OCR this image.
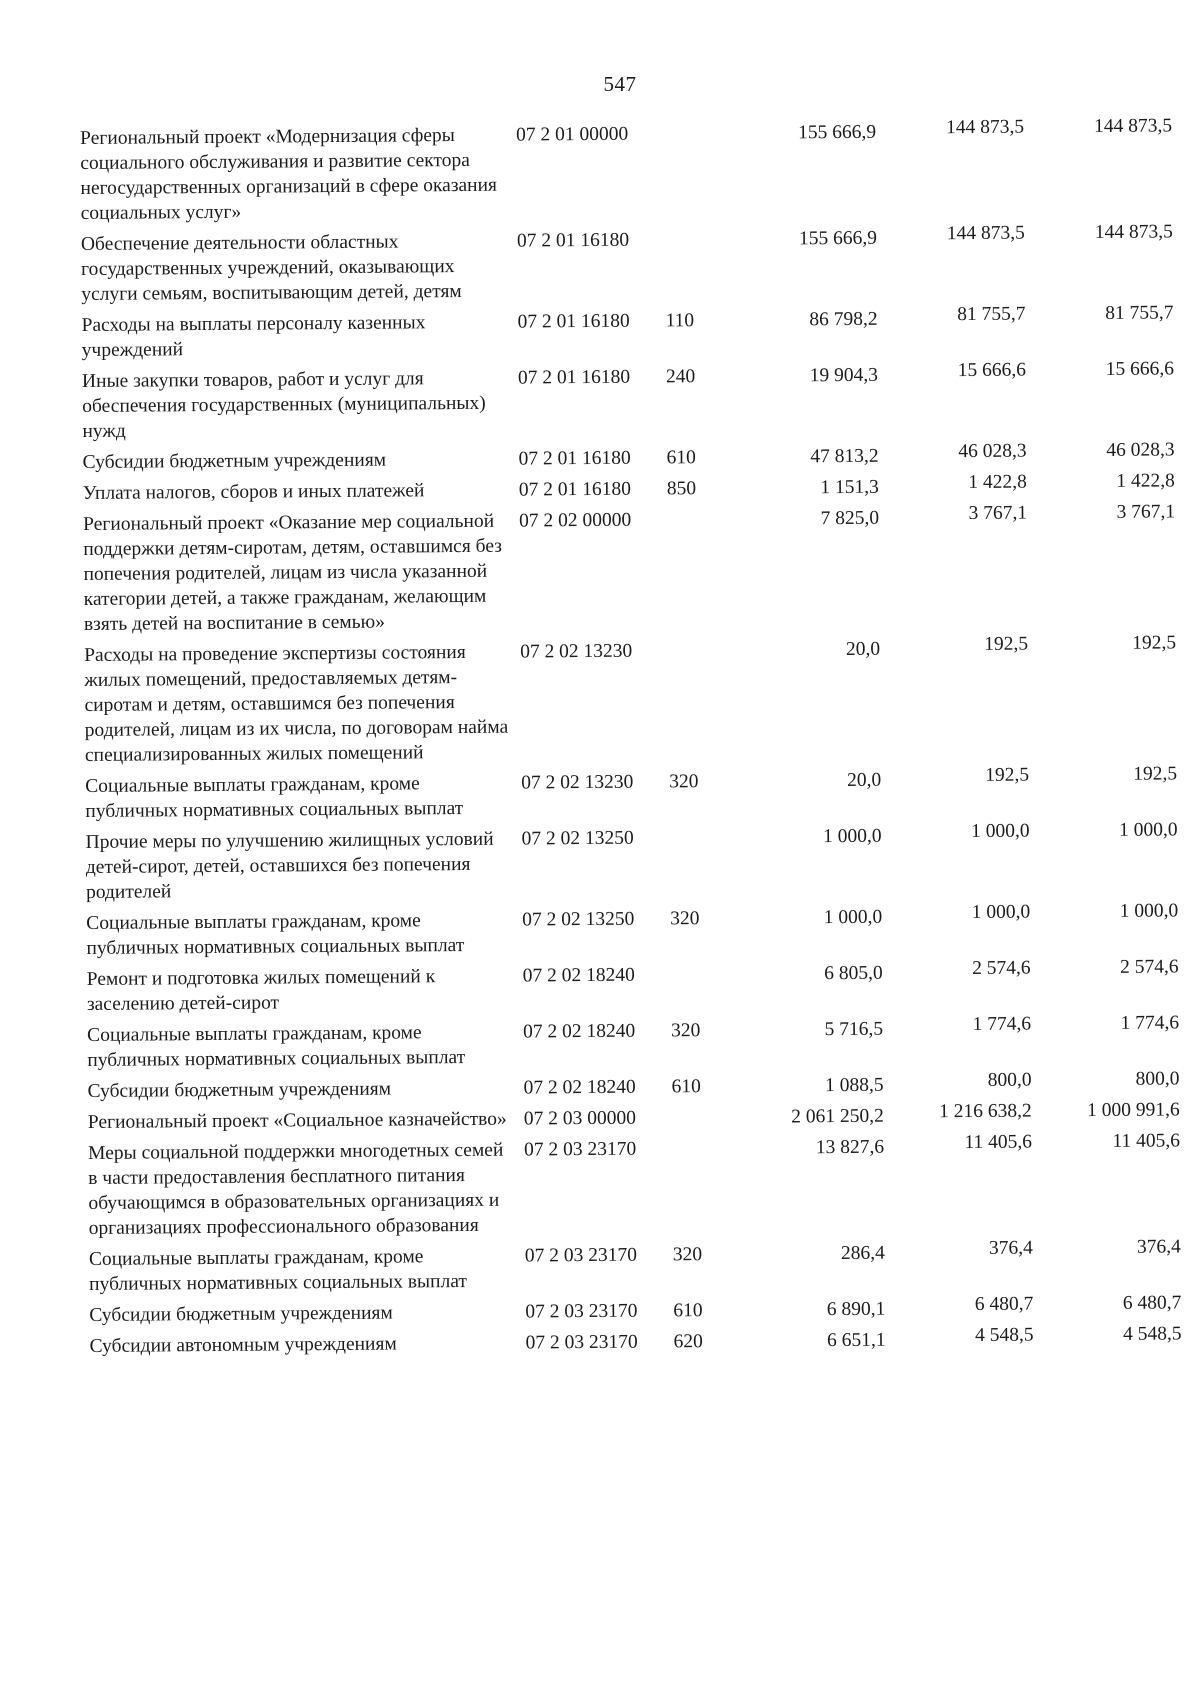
547
Региональный проект «Модернизация сферы социального обслуживания и развитие сектора негосударственных организаций в сфере оказания социальных услуг»	07 2 01 00000		155 666,9	144 873,5	144 873,5
Обеспечение деятельности областных государственных учреждений, оказывающих услуги семьям, воспитывающим детей, детям	07 2 01 16180		155 666,9	144 873,5	144 873,5
Расходы на выплаты персоналу казенных учреждений	07 2 01 16180	110	86 798,2	81 755,7	81 755,7
Иные закупки товаров, работ и услуг для обеспечения государственных (муниципальных) нужд	07 2 01 16180	240	19 904,3	15 666,6	15 666,6
Субсидии бюджетным учреждениям	07 2 01 16180	610	47 813,2	46 028,3	46 028,3
Уплата налогов, сборов и иных платежей	07 2 01 16180	850	1 151,3	1 422,8	1 422,8
Региональный проект «Оказание мер социальной поддержки детям-сиротам, детям, оставшимся без попечения родителей, лицам из числа указанной категории детей, а также гражданам, желающим взять детей на воспитание в семью»	07 2 02 00000		7 825,0	3 767,1	3 767,1
Расходы на проведение экспертизы состояния жилых помещений, предоставляемых детям-сиротам и детям, оставшимся без попечения родителей, лицам из их числа, по договорам найма специализированных жилых помещений	07 2 02 13230		20,0	192,5	192,5
Социальные выплаты гражданам, кроме публичных нормативных социальных выплат	07 2 02 13230	320	20,0	192,5	192,5
Прочие меры по улучшению жилищных условий детей-сирот, детей, оставшихся без попечения родителей	07 2 02 13250		1 000,0	1 000,0	1 000,0
Социальные выплаты гражданам, кроме публичных нормативных социальных выплат	07 2 02 13250	320	1 000,0	1 000,0	1 000,0
Ремонт и подготовка жилых помещений к заселению детей-сирот	07 2 02 18240		6 805,0	2 574,6	2 574,6
Социальные выплаты гражданам, кроме публичных нормативных социальных выплат	07 2 02 18240	320	5 716,5	1 774,6	1 774,6
Субсидии бюджетным учреждениям	07 2 02 18240	610	1 088,5	800,0	800,0
Региональный проект «Социальное казначейство»	07 2 03 00000		2 061 250,2	1 216 638,2	1 000 991,6
Меры социальной поддержки многодетных семей в части предоставления бесплатного питания обучающимся в образовательных организациях и организациях профессионального образования	07 2 03 23170		13 827,6	11 405,6	11 405,6
Социальные выплаты гражданам, кроме публичных нормативных социальных выплат	07 2 03 23170	320	286,4	376,4	376,4
Субсидии бюджетным учреждениям	07 2 03 23170	610	6 890,1	6 480,7	6 480,7
Субсидии автономным учреждениям	07 2 03 23170	620	6 651,1	4 548,5	4 548,5
